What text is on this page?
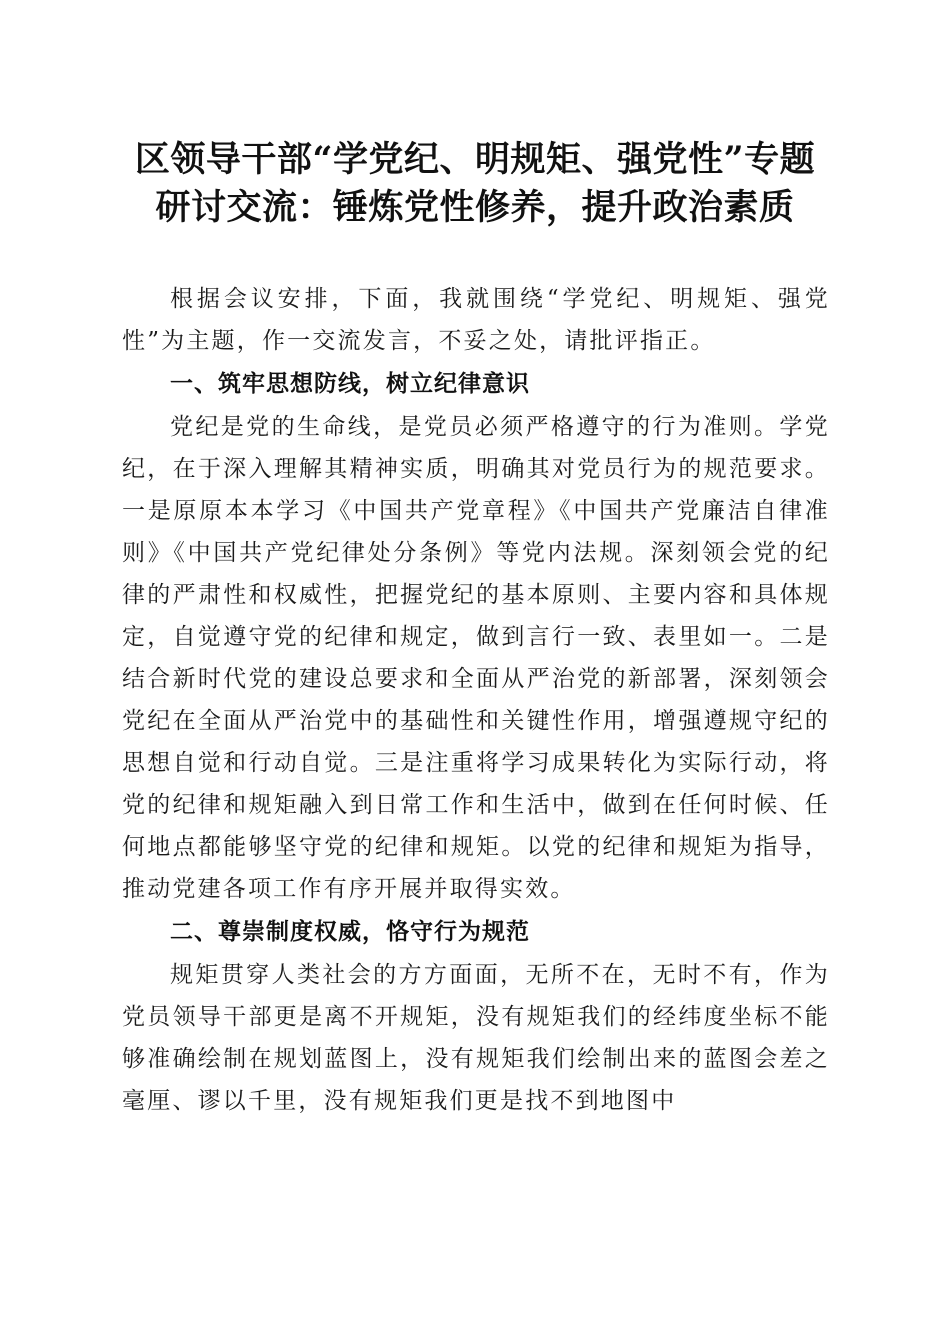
区领导干部“学党纪、明规矩、强党性”专题
研讨交流：锤炼党性修养，提升政治素质

根据会议安排，下面，我就围绕“学党纪、明规矩、强党性”为主题，作一交流发言，不妥之处，请批评指正。

一、筑牢思想防线，树立纪律意识

党纪是党的生命线，是党员必须严格遵守的行为准则。学党纪，在于深入理解其精神实质，明确其对党员行为的规范要求。一是原原本本学习《中国共产党章程》《中国共产党廉洁自律准则》《中国共产党纪律处分条例》等党内法规。深刻领会党的纪律的严肃性和权威性，把握党纪的基本原则、主要内容和具体规定，自觉遵守党的纪律和规定，做到言行一致、表里如一。二是结合新时代党的建设总要求和全面从严治党的新部署，深刻领会党纪在全面从严治党中的基础性和关键性作用，增强遵规守纪的思想自觉和行动自觉。三是注重将学习成果转化为实际行动，将党的纪律和规矩融入到日常工作和生活中，做到在任何时候、任何地点都能够坚守党的纪律和规矩。以党的纪律和规矩为指导，推动党建各项工作有序开展并取得实效。

二、尊崇制度权威，恪守行为规范

规矩贯穿人类社会的方方面面，无所不在，无时不有，作为党员领导干部更是离不开规矩，没有规矩我们的经纬度坐标不能够准确绘制在规划蓝图上，没有规矩我们绘制出来的蓝图会差之毫厘、谬以千里，没有规矩我们更是找不到地图中
